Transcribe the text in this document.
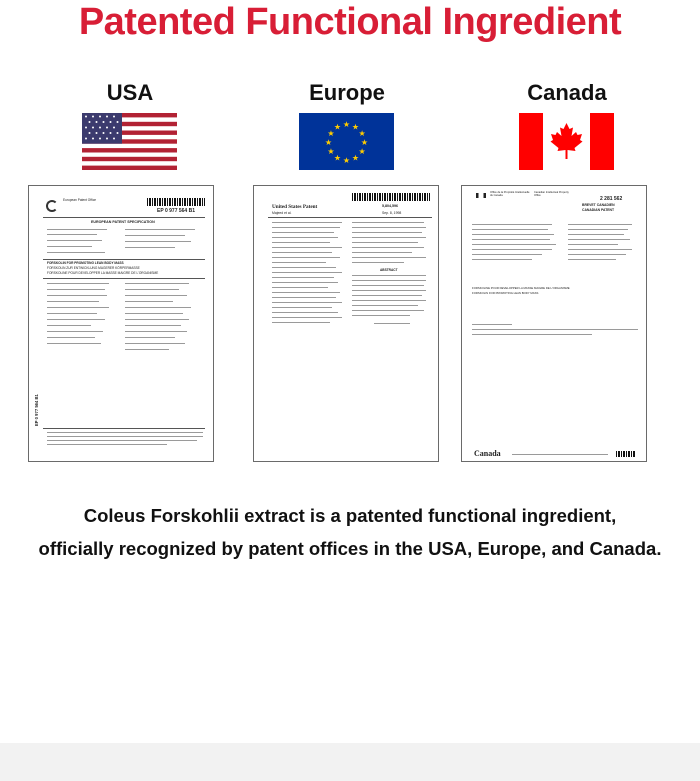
Patented Functional Ingredient
USA	Europe	Canada
★ ★
★
★
★
★
★
★
★
★
★
★
European Patent Office
EP 0 977 564 B1
EUROPEAN PATENT SPECIFICATION
FORSKOLIN FOR PROMOTING LEAN BODY MASS
FORSKOLIN ZUR ENTWICKLUNG MAGERER KÖRPERMASSE
FORSKOLINE POUR DEVELOPPER LA MASSE MAIGRE DE L'ORGANISME
EP 0 977 564 B1
United States Patent	5,804,596
Majeed et al.	Sep. 8, 1998
ABSTRACT
Office de la Propriété Intellectuelle du Canada
Canadian Intellectual Property Office
2 281 562
BREVET CANADIEN
CANADIAN PATENT
FORSKOLINE POUR DEVELOPPER LA MASSE MAIGRE DE L'ORGANISME
FORSKOLIN FOR PROMOTING LEAN BODY MASS
Canada
Coleus Forskohlii extract is a patented functional ingredient,
officially recognized by patent offices in the USA, Europe, and Canada.
